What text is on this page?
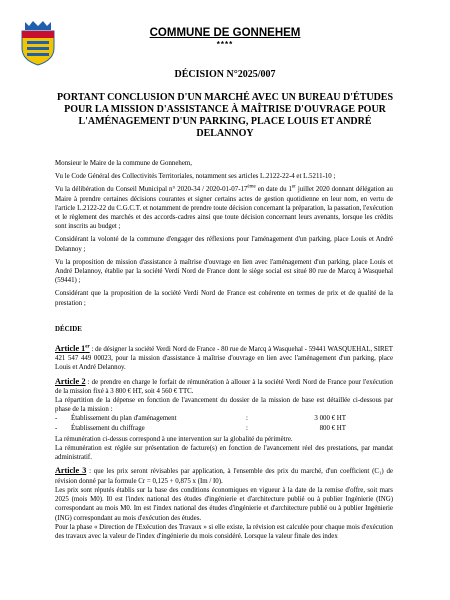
COMMUNE DE GONNEHEM
****
DÉCISION N°2025/007
PORTANT CONCLUSION D'UN MARCHÉ AVEC UN BUREAU D'ÉTUDES POUR LA MISSION D'ASSISTANCE À MAÎTRISE D'OUVRAGE POUR L'AMÉNAGEMENT D'UN PARKING, PLACE LOUIS ET ANDRÉ DELANNOY

Monsieur le Maire de la commune de Gonnehem,

Vu le Code Général des Collectivités Territoriales, notamment ses articles L.2122-22-4 et L.5211-10 ;

Vu la délibération du Conseil Municipal n° 2020-34 / 2020-01-07-17ème en date du 1er juillet 2020 donnant délégation au Maire à prendre certaines décisions courantes et signer certains actes de gestion quotidienne en leur nom, en vertu de l'article L.2122-22 du C.G.C.T. et notamment de prendre toute décision concernant la préparation, la passation, l'exécution et le règlement des marchés et des accords-cadres ainsi que toute décision concernant leurs avenants, lorsque les crédits sont inscrits au budget ;

Considérant la volonté de la commune d'engager des réflexions pour l'aménagement d'un parking, place Louis et André Delannoy ;

Vu la proposition de mission d'assistance à maîtrise d'ouvrage en lien avec l'aménagement d'un parking, place Louis et André Delannoy, établie par la société Verdi Nord de France dont le siège social est situé 80 rue de Marcq à Wasquehal (59441) ;

Considérant que la proposition de la société Verdi Nord de France est cohérente en termes de prix et de qualité de la prestation ;

DÉCIDE

Article 1er : de désigner la société Verdi Nord de France - 80 rue de Marcq à Wasquehal - 59441 WASQUEHAL, SIRET 421 547 449 00023, pour la mission d'assistance à maîtrise d'ouvrage en lien avec l'aménagement d'un parking, place Louis et André Delannoy.

Article 2 : de prendre en charge le forfait de rémunération à allouer à la société Verdi Nord de France pour l'exécution de la mission fixé à 3 800 € HT, soit 4 560 € TTC.

La répartition de la dépense en fonction de l'avancement du dossier de la mission de base est détaillée ci-dessous par phase de la mission :

- Établissement du plan d'aménagement	:	3 000 € HT
- Établissement du chiffrage	:	800 € HT

La rémunération ci-dessus correspond à une intervention sur la globalité du périmètre.

La rémunération est réglée sur présentation de facture(s) en fonction de l'avancement réel des prestations, par mandat administratif.

Article 3 : que les prix seront révisables par application, à l'ensemble des prix du marché, d'un coefficient (C₁) de révision donné par la formule Cr = 0,125 + 0,875 x (Im / I0).

Les prix sont réputés établis sur la base des conditions économiques en vigueur à la date de la remise d'offre, soit mars 2025 (mois M0). I0 est l'index national des études d'ingénierie et d'architecture publié ou à publier Ingénierie (ING) correspondant au mois M0. Im est l'index national des études d'ingénierie et d'architecture publié ou à publier Ingénierie (ING) correspondant au mois d'exécution des études.

Pour la phase « Direction de l'Exécution des Travaux » si elle existe, la révision est calculée pour chaque mois d'exécution des travaux avec la valeur de l'index d'ingénierie du mois considéré. Lorsque la valeur finale des index
